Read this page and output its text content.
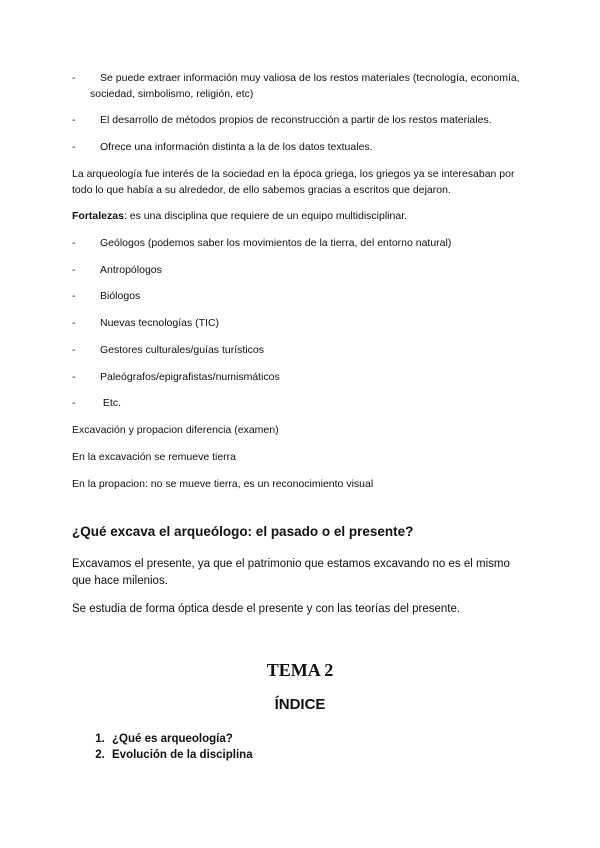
-	Se puede extraer información muy valiosa de los restos materiales (tecnología, economía, sociedad, simbolismo, religión, etc)
- El desarrollo de métodos propios de reconstrucción a partir de los restos materiales.
- Ofrece una información distinta a la de los datos textuales.
La arqueología fue interés de la sociedad en la época griega, los griegos ya se interesaban por todo lo que había a su alrededor, de ello sabemos gracias a escritos que dejaron.
Fortalezas: es una disciplina que requiere de un equipo multidisciplinar.
- Geólogos (podemos saber los movimientos de la tierra, del entorno natural)
- Antropólogos
- Biólogos
- Nuevas tecnologías (TIC)
- Gestores culturales/guías turísticos
- Paleógrafos/epigrafistas/numismáticos
- Etc.
Excavación y propacion diferencia (examen)
En la excavación se remueve tierra
En la propacion: no se mueve tierra, es un reconocimiento visual
¿Qué excava el arqueólogo: el pasado o el presente?
Excavamos el presente, ya que el patrimonio que estamos excavando no es el mismo que hace milenios.
Se estudia de forma óptica desde el presente y con las teorías del presente.
TEMA 2
ÍNDICE
1. ¿Qué es arqueología?
2. Evolución de la disciplina
